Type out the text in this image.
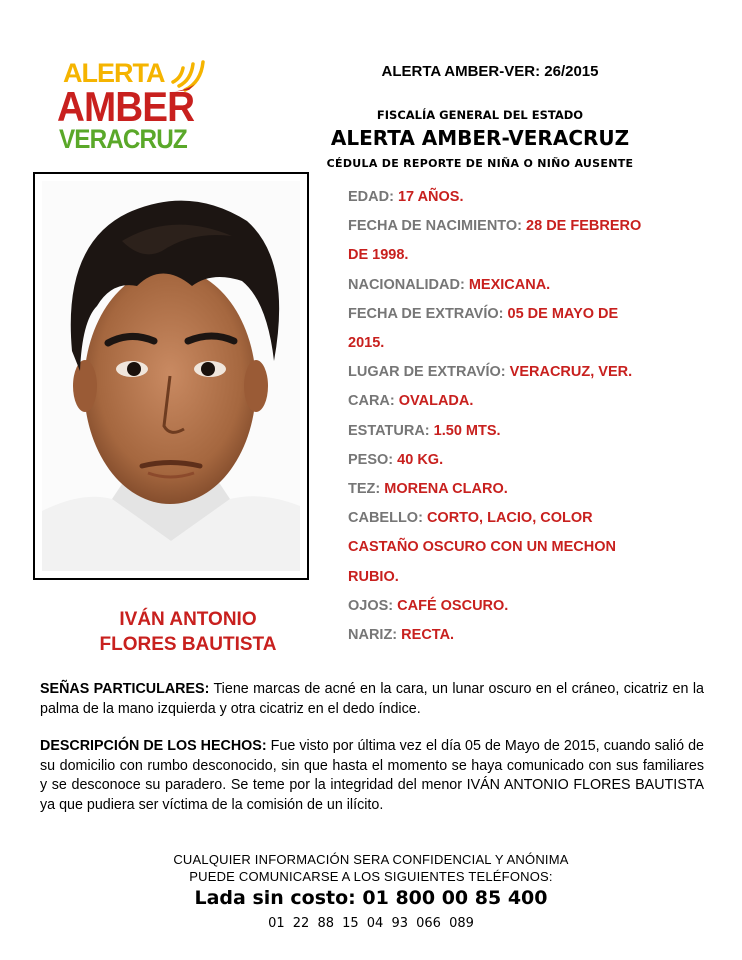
ALERTA
AMBER
VERACRUZ
ALERTA AMBER-VER: 26/2015
FISCALÍA GENERAL DEL ESTADO
ALERTA AMBER-VERACRUZ
CÉDULA DE REPORTE DE NIÑA O NIÑO AUSENTE
IVÁN ANTONIO
FLORES BAUTISTA
EDAD: 17 AÑOS.
FECHA DE NACIMIENTO: 28 DE FEBRERO
DE 1998.
NACIONALIDAD: MEXICANA.
FECHA DE EXTRAVÍO: 05 DE MAYO DE
2015.
LUGAR DE EXTRAVÍO: VERACRUZ, VER.
CARA: OVALADA.
ESTATURA: 1.50 MTS.
PESO: 40 KG.
TEZ: MORENA CLARO.
CABELLO: CORTO, LACIO, COLOR
CASTAÑO OSCURO CON UN MECHON
RUBIO.
OJOS: CAFÉ OSCURO.
NARIZ: RECTA.
SEÑAS PARTICULARES: Tiene marcas de acné en la cara, un lunar oscuro en el cráneo, cicatriz en la palma de la mano izquierda y otra cicatriz en el dedo índice.
DESCRIPCIÓN DE LOS HECHOS: Fue visto por última vez el día 05 de Mayo de 2015, cuando salió de su domicilio con rumbo desconocido, sin que hasta el momento se haya comunicado con sus familiares y se desconoce su paradero. Se teme por la integridad del menor IVÁN ANTONIO FLORES BAUTISTA ya que pudiera ser víctima de la comisión de un ilícito.
CUALQUIER INFORMACIÓN SERA CONFIDENCIAL Y ANÓNIMA
PUEDE COMUNICARSE A LOS SIGUIENTES TELÉFONOS:
Lada sin costo: 01 800 00 85 400
01 22 88 15 04 93 066 089
